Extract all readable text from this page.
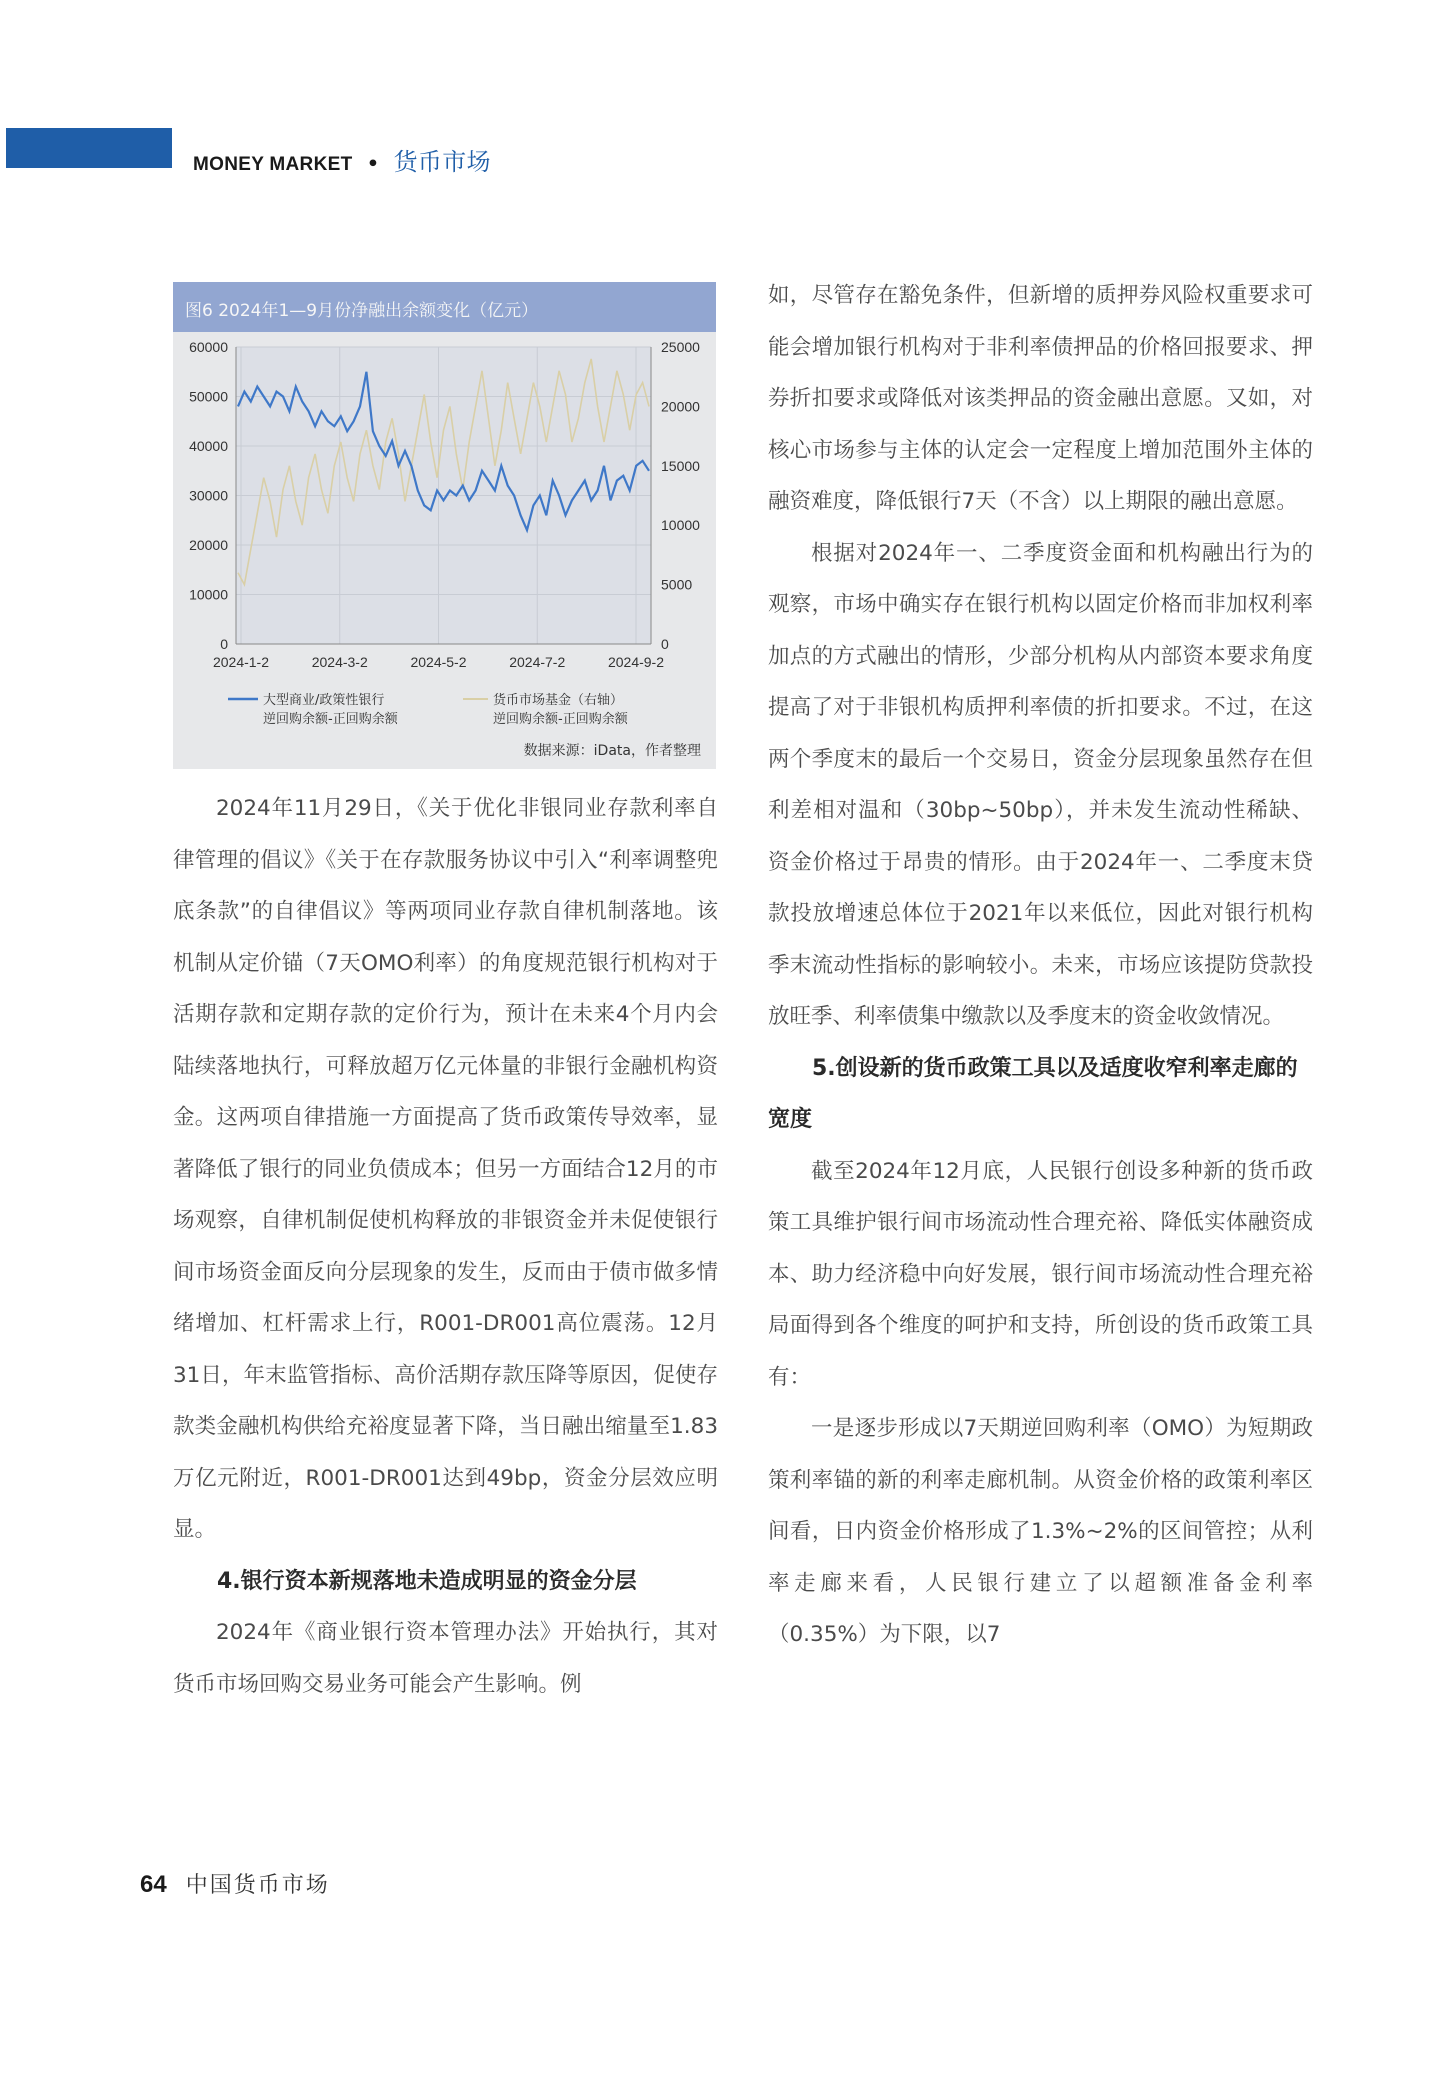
MONEY MARKET • 货币市场
图6 2024年1—9月份净融出余额变化（亿元）
60000
50000
40000
30000
20000
10000
0
25000
20000
15000
10000
5000
0
2024-1-2	2024-3-2	2024-5-2	2024-7-2	2024-9-2
大型商业/政策性银行
逆回购余额-正回购余额
货币市场基金（右轴）
逆回购余额-正回购余额
数据来源：iData，作者整理

2024年11月29日，《关于优化非银同业存款利率自律管理的倡议》《关于在存款服务协议中引入“利率调整兜底条款”的自律倡议》等两项同业存款自律机制落地。该机制从定价锚（7天OMO利率）的角度规范银行机构对于活期存款和定期存款的定价行为，预计在未来4个月内会陆续落地执行，可释放超万亿元体量的非银行金融机构资金。这两项自律措施一方面提高了货币政策传导效率，显著降低了银行的同业负债成本；但另一方面结合12月的市场观察，自律机制促使机构释放的非银资金并未促使银行间市场资金面反向分层现象的发生，反而由于债市做多情绪增加、杠杆需求上行，R001-DR001高位震荡。12月31日，年末监管指标、高价活期存款压降等原因，促使存款类金融机构供给充裕度显著下降，当日融出缩量至1.83万亿元附近，R001-DR001达到49bp，资金分层效应明显。

4.银行资本新规落地未造成明显的资金分层

2024年《商业银行资本管理办法》开始执行，其对货币市场回购交易业务可能会产生影响。例

如，尽管存在豁免条件，但新增的质押券风险权重要求可能会增加银行机构对于非利率债押品的价格回报要求、押券折扣要求或降低对该类押品的资金融出意愿。又如，对核心市场参与主体的认定会一定程度上增加范围外主体的融资难度，降低银行7天（不含）以上期限的融出意愿。

根据对2024年一、二季度资金面和机构融出行为的观察，市场中确实存在银行机构以固定价格而非加权利率加点的方式融出的情形，少部分机构从内部资本要求角度提高了对于非银机构质押利率债的折扣要求。不过，在这两个季度末的最后一个交易日，资金分层现象虽然存在但利差相对温和（30bp~50bp），并未发生流动性稀缺、资金价格过于昂贵的情形。由于2024年一、二季度末贷款投放增速总体位于2021年以来低位，因此对银行机构季末流动性指标的影响较小。未来，市场应该提防贷款投放旺季、利率债集中缴款以及季度末的资金收敛情况。

5.创设新的货币政策工具以及适度收窄利率走廊的宽度

截至2024年12月底，人民银行创设多种新的货币政策工具维护银行间市场流动性合理充裕、降低实体融资成本、助力经济稳中向好发展，银行间市场流动性合理充裕局面得到各个维度的呵护和支持，所创设的货币政策工具有：

一是逐步形成以7天期逆回购利率（OMO）为短期政策利率锚的新的利率走廊机制。从资金价格的政策利率区间看，日内资金价格形成了1.3%~2%的区间管控；从利率走廊来看，人民银行建立了以超额准备金利率（0.35%）为下限，以7

64 中国货币市场
